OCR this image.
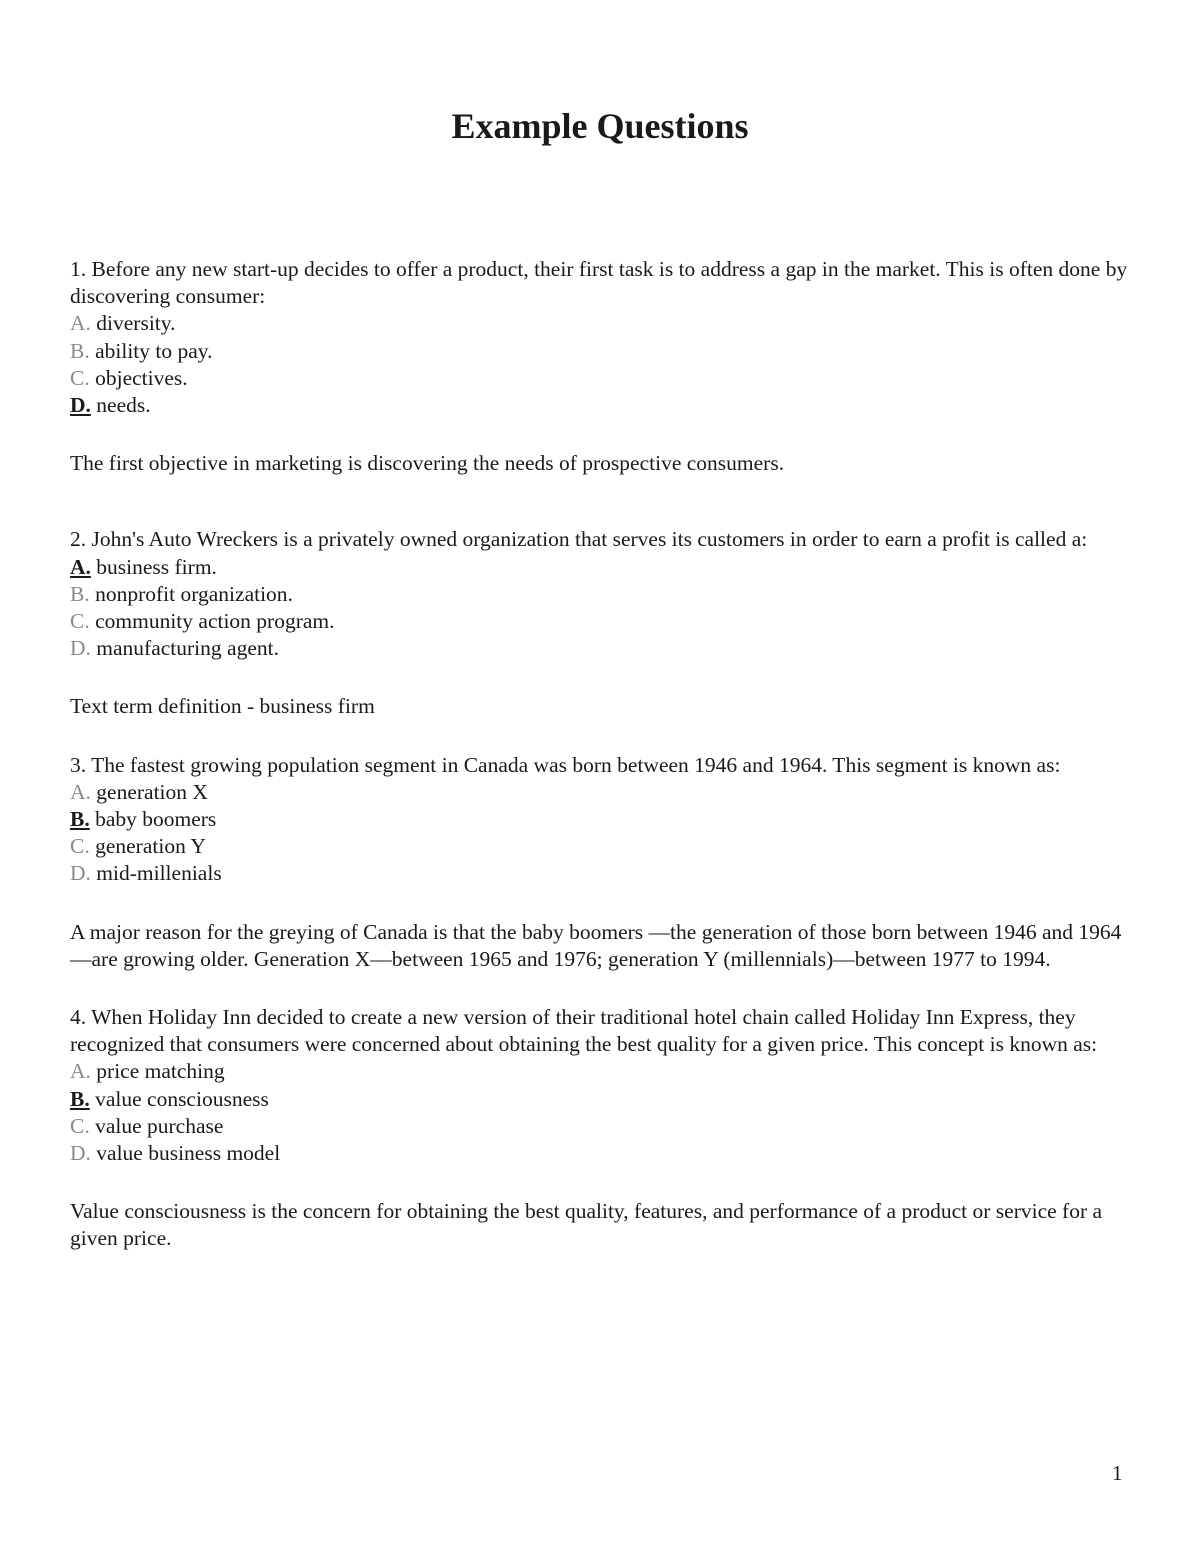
Example Questions

1. Before any new start-up decides to offer a product, their first task is to address a gap in the market. This is often done by discovering consumer:

A. diversity.

B. ability to pay.

C. objectives.

D. needs.

The first objective in marketing is discovering the needs of prospective consumers.

2. John's Auto Wreckers is a privately owned organization that serves its customers in order to earn a profit is called a:

A. business firm.

B. nonprofit organization.

C. community action program.

D. manufacturing agent.

Text term definition - business firm

3. The fastest growing population segment in Canada was born between 1946 and 1964. This segment is known as:

A. generation X

B. baby boomers

C. generation Y

D. mid-millenials

A major reason for the greying of Canada is that the baby boomers —the generation of those born between 1946 and 1964—are growing older. Generation X—between 1965 and 1976; generation Y (millennials)—between 1977 to 1994.

4. When Holiday Inn decided to create a new version of their traditional hotel chain called Holiday Inn Express, they recognized that consumers were concerned about obtaining the best quality for a given price. This concept is known as:

A. price matching

B. value consciousness

C. value purchase

D. value business model

Value consciousness is the concern for obtaining the best quality, features, and performance of a product or service for a given price.

1
